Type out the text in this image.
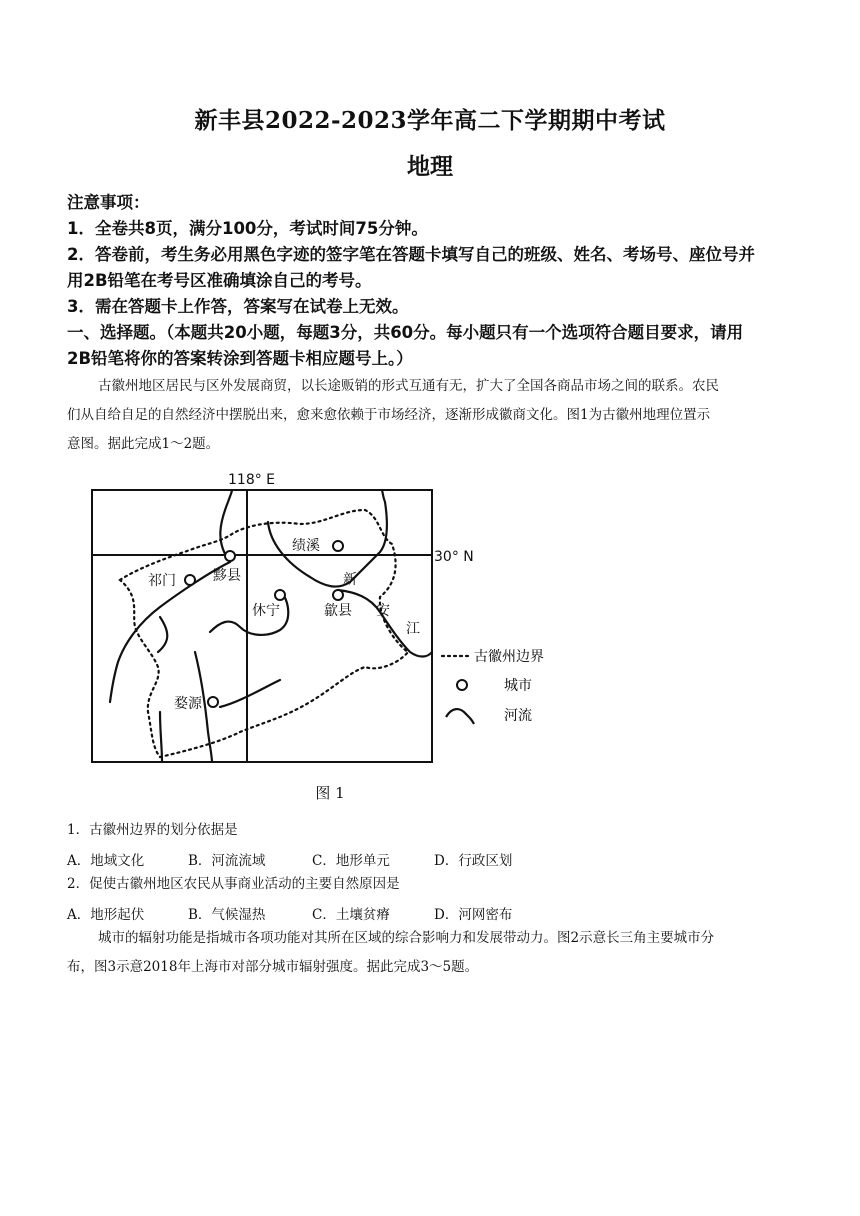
新丰县2022-2023学年高二下学期期中考试
地理
注意事项：
1．全卷共8页，满分100分，考试时间75分钟。
2．答卷前，考生务必用黑色字迹的签字笔在答题卡填写自己的班级、姓名、考场号、座位号并
用2B铅笔在考号区准确填涂自己的考号。
3．需在答题卡上作答，答案写在试卷上无效。
一、选择题。（本题共20小题，每题3分，共60分。每小题只有一个选项符合题目要求，请用
2B铅笔将你的答案转涂到答题卡相应题号上。）
古徽州地区居民与区外发展商贸，以长途贩销的形式互通有无，扩大了全国各商品市场之间的联系。农民
们从自给自足的自然经济中摆脱出来，愈来愈依赖于市场经济，逐渐形成徽商文化。图1为古徽州地理位置示
意图。据此完成1～2题。
118° E
30° N
绩溪
黟县
祁门
休宁	歙县
婺源
新
安
江
古徽州边界
城市
河流
图 1
1．古徽州边界的划分依据是
A．地域文化	B．河流流域	C．地形单元	D．行政区划
2．促使古徽州地区农民从事商业活动的主要自然原因是
A．地形起伏	B．气候湿热	C．土壤贫瘠	D．河网密布
城市的辐射功能是指城市各项功能对其所在区域的综合影响力和发展带动力。图2示意长三角主要城市分
布，图3示意2018年上海市对部分城市辐射强度。据此完成3～5题。
